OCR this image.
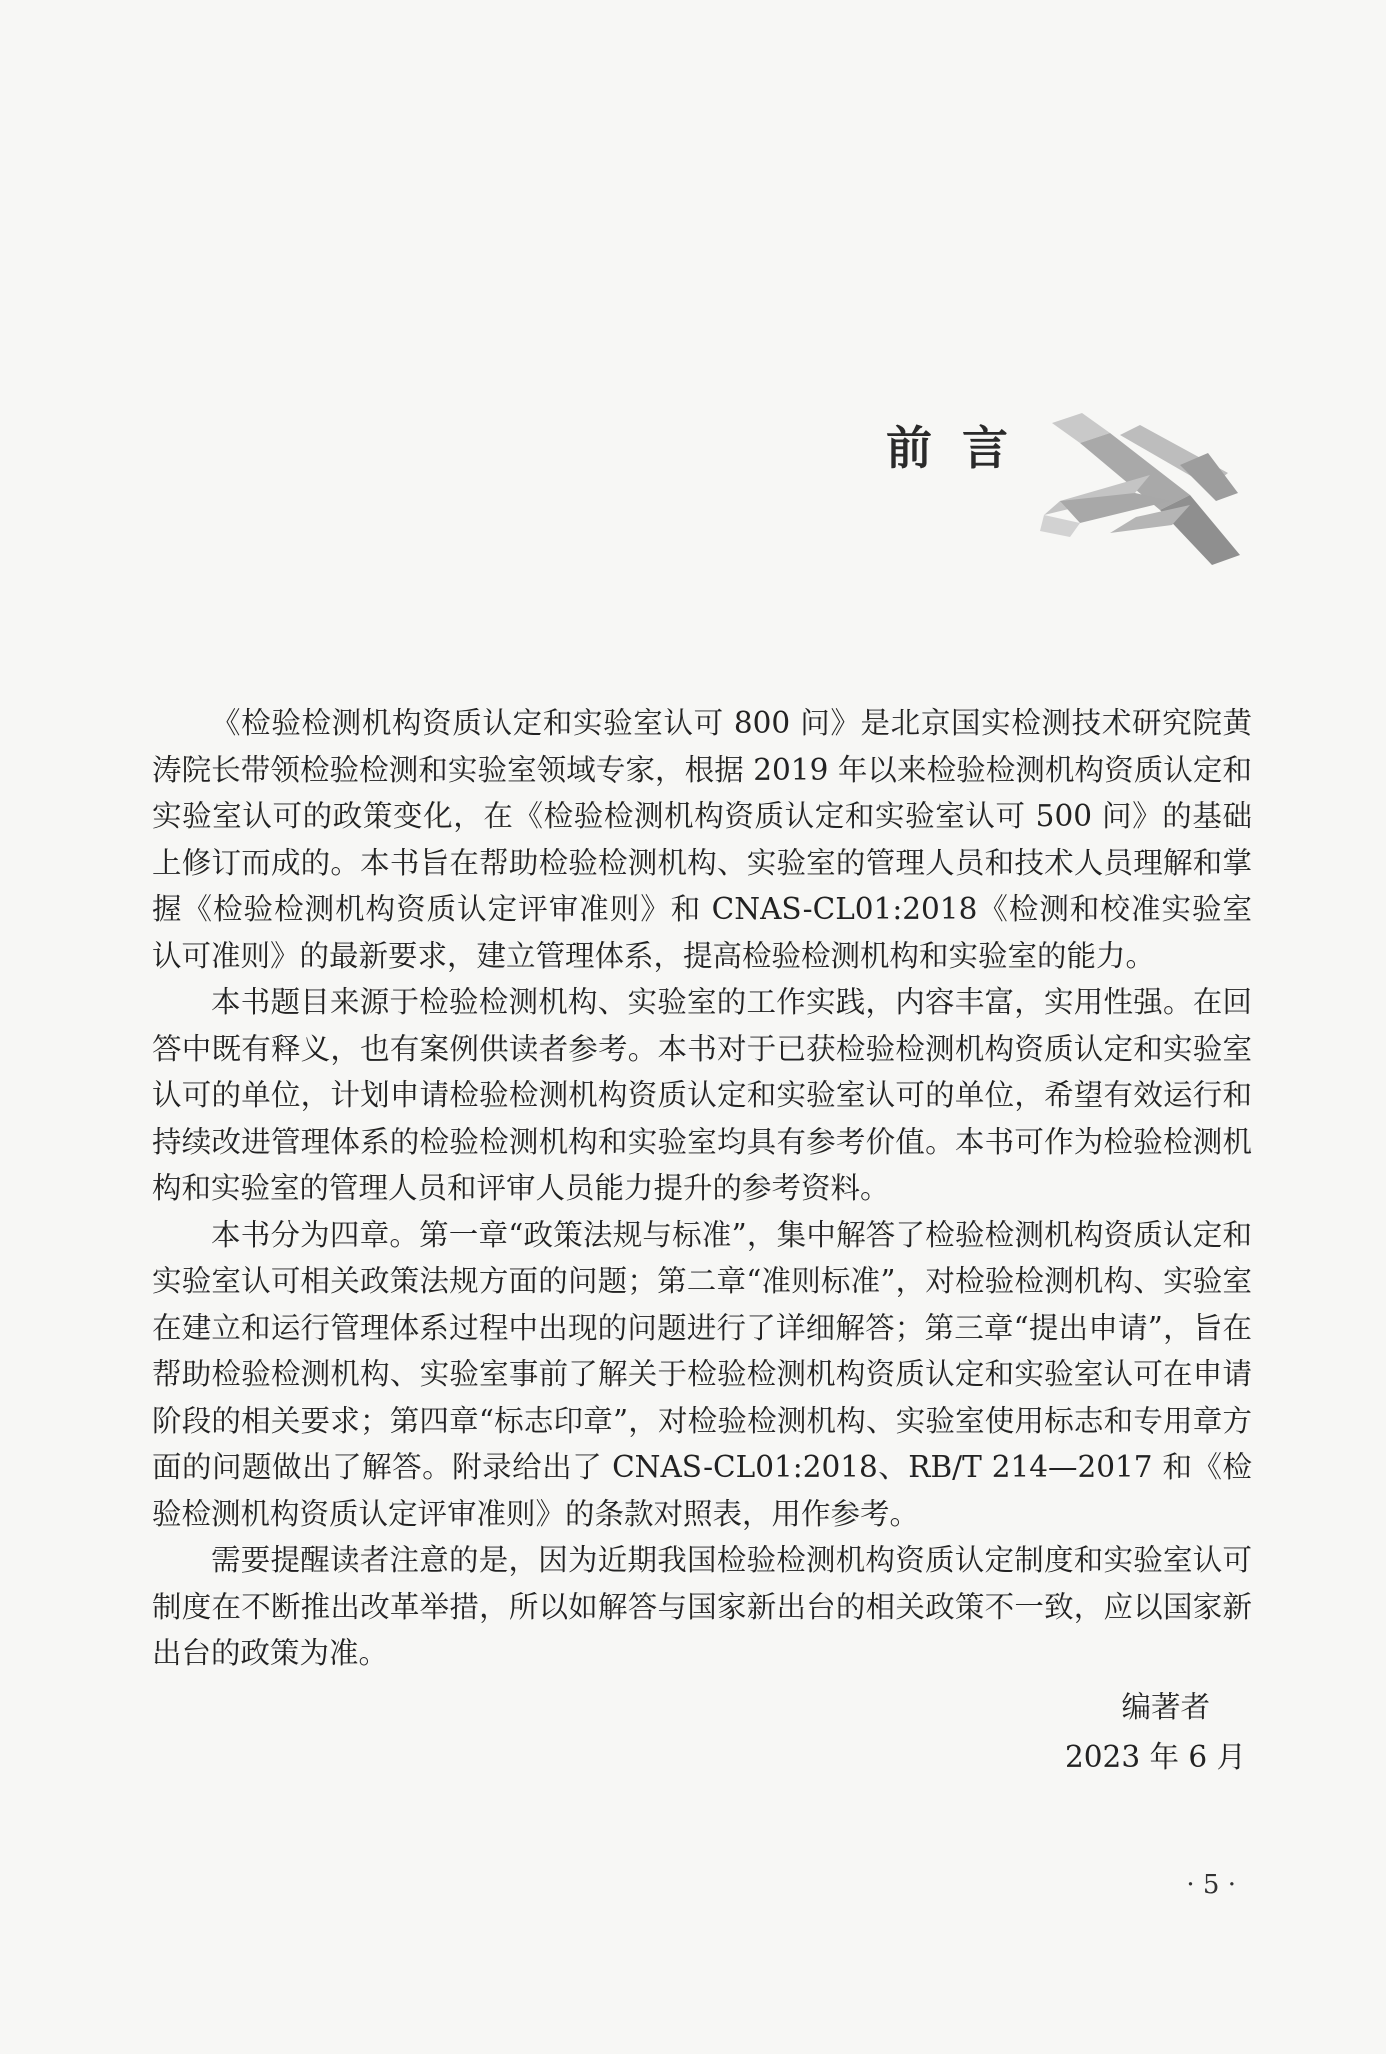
前言

《检验检测机构资质认定和实验室认可 800 问》是北京国实检测技术研究院黄涛院长带领检验检测和实验室领域专家，根据 2019 年以来检验检测机构资质认定和实验室认可的政策变化，在《检验检测机构资质认定和实验室认可 500 问》的基础上修订而成的。本书旨在帮助检验检测机构、实验室的管理人员和技术人员理解和掌握《检验检测机构资质认定评审准则》和 CNAS-CL01:2018《检测和校准实验室认可准则》的最新要求，建立管理体系，提高检验检测机构和实验室的能力。

本书题目来源于检验检测机构、实验室的工作实践，内容丰富，实用性强。在回答中既有释义，也有案例供读者参考。本书对于已获检验检测机构资质认定和实验室认可的单位，计划申请检验检测机构资质认定和实验室认可的单位，希望有效运行和持续改进管理体系的检验检测机构和实验室均具有参考价值。本书可作为检验检测机构和实验室的管理人员和评审人员能力提升的参考资料。

本书分为四章。第一章“政策法规与标准”，集中解答了检验检测机构资质认定和实验室认可相关政策法规方面的问题；第二章“准则标准”，对检验检测机构、实验室在建立和运行管理体系过程中出现的问题进行了详细解答；第三章“提出申请”，旨在帮助检验检测机构、实验室事前了解关于检验检测机构资质认定和实验室认可在申请阶段的相关要求；第四章“标志印章”，对检验检测机构、实验室使用标志和专用章方面的问题做出了解答。附录给出了 CNAS-CL01:2018、RB/T 214—2017 和《检验检测机构资质认定评审准则》的条款对照表，用作参考。

需要提醒读者注意的是，因为近期我国检验检测机构资质认定制度和实验室认可制度在不断推出改革举措，所以如解答与国家新出台的相关政策不一致，应以国家新出台的政策为准。

编著者
2023 年 6 月
· 5 ·
